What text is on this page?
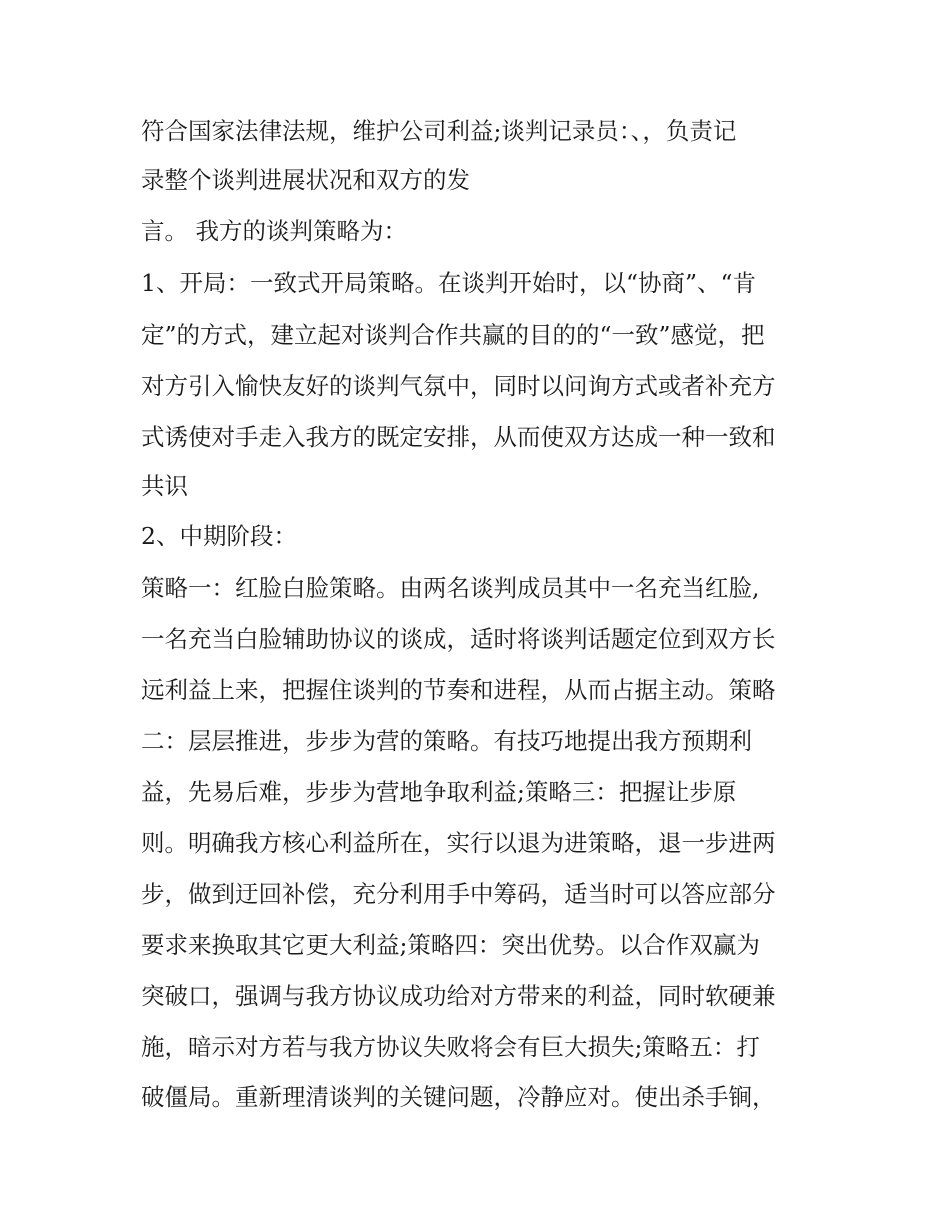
符合国家法律法规，维护公司利益;谈判记录员：、，负责记
录整个谈判进展状况和双方的发
言。 我方的谈判策略为：
1、开局：一致式开局策略。在谈判开始时，以“协商”、“肯
定”的方式，建立起对谈判合作共赢的目的的“一致”感觉，把
对方引入愉快友好的谈判气氛中，同时以问询方式或者补充方
式诱使对手走入我方的既定安排，从而使双方达成一种一致和
共识
2、中期阶段：
策略一：红脸白脸策略。由两名谈判成员其中一名充当红脸,
一名充当白脸辅助协议的谈成，适时将谈判话题定位到双方长
远利益上来，把握住谈判的节奏和进程，从而占据主动。策略
二：层层推进，步步为营的策略。有技巧地提出我方预期利
益，先易后难，步步为营地争取利益;策略三：把握让步原
则。明确我方核心利益所在，实行以退为进策略，退一步进两
步，做到迂回补偿，充分利用手中筹码，适当时可以答应部分
要求来换取其它更大利益;策略四：突出优势。以合作双赢为
突破口，强调与我方协议成功给对方带来的利益，同时软硬兼
施，暗示对方若与我方协议失败将会有巨大损失;策略五：打
破僵局。重新理清谈判的关键问题，冷静应对。使出杀手锏，
